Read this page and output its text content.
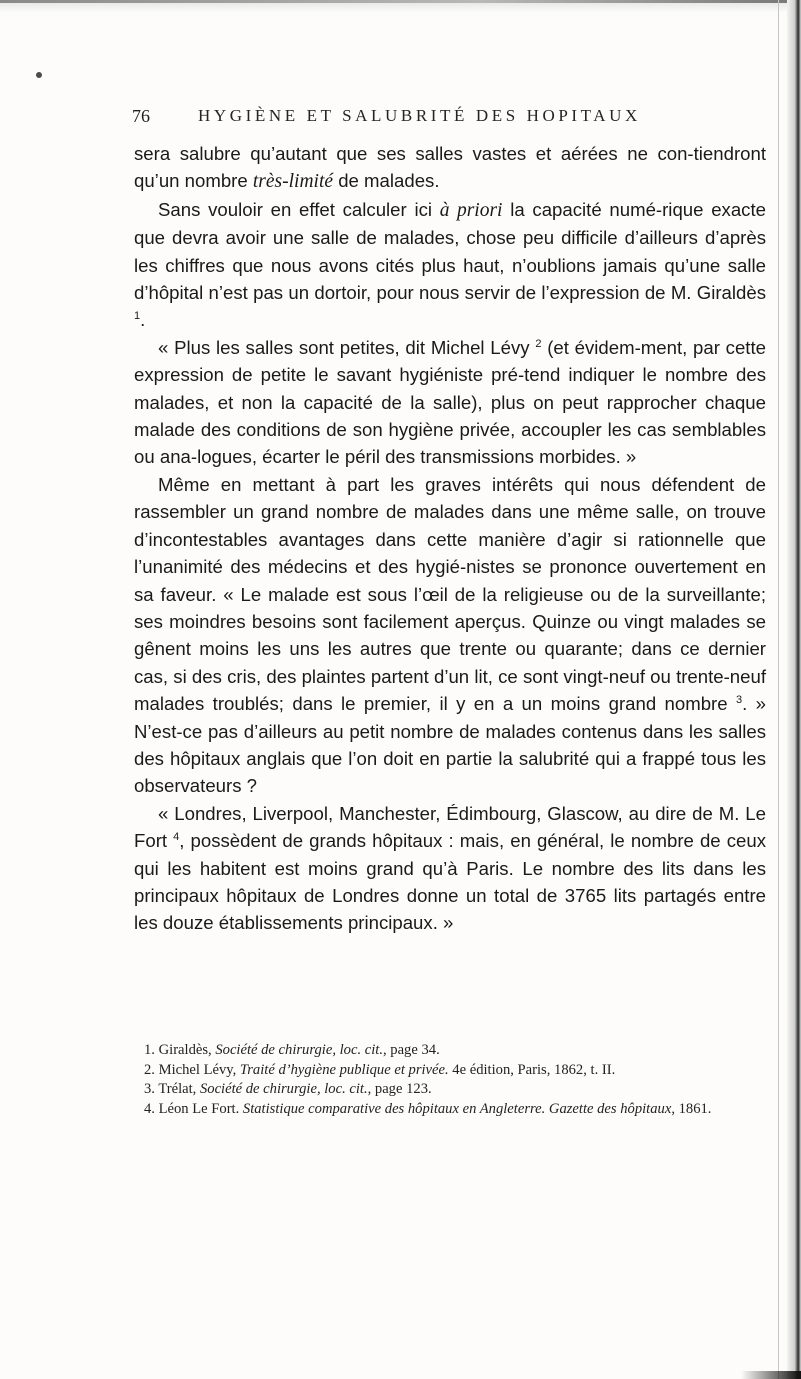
76	HYGIÈNE ET SALUBRITÉ DES HOPITAUX

sera salubre qu’autant que ses salles vastes et aérées ne con-tiendront qu’un nombre très-limité de malades.

Sans vouloir en effet calculer ici à priori la capacité numé-rique exacte que devra avoir une salle de malades, chose peu difficile d’ailleurs d’après les chiffres que nous avons cités plus haut, n’oublions jamais qu’une salle d’hôpital n’est pas un dortoir, pour nous servir de l’expression de M. Giraldès $^1$.

« Plus les salles sont petites, dit Michel Lévy $^2$ (et évidem-ment, par cette expression de petite le savant hygiéniste pré-tend indiquer le nombre des malades, et non la capacité de la salle), plus on peut rapprocher chaque malade des conditions de son hygiène privée, accoupler les cas semblables ou ana-logues, écarter le péril des transmissions morbides. »

Même en mettant à part les graves intérêts qui nous défendent de rassembler un grand nombre de malades dans une même salle, on trouve d’incontestables avantages dans cette manière d’agir si rationnelle que l’unanimité des médecins et des hygié-nistes se prononce ouvertement en sa faveur. « Le malade est sous l’œil de la religieuse ou de la surveillante; ses moindres besoins sont facilement aperçus. Quinze ou vingt malades se gênent moins les uns les autres que trente ou quarante; dans ce dernier cas, si des cris, des plaintes partent d’un lit, ce sont vingt-neuf ou trente-neuf malades troublés; dans le premier, il y en a un moins grand nombre $^3$. » N’est-ce pas d’ailleurs au petit nombre de malades contenus dans les salles des hôpitaux anglais que l’on doit en partie la salubrité qui a frappé tous les observateurs ?

« Londres, Liverpool, Manchester, Édimbourg, Glascow, au dire de M. Le Fort $^4$, possèdent de grands hôpitaux : mais, en général, le nombre de ceux qui les habitent est moins grand qu’à Paris. Le nombre des lits dans les principaux hôpitaux de Londres donne un total de 3765 lits partagés entre les douze établissements principaux. »

1. Giraldès, Société de chirurgie, loc. cit., page 34.

2. Michel Lévy, Traité d’hygiène publique et privée. 4e édition, Paris, 1862, t. II.

3. Trélat, Société de chirurgie, loc. cit., page 123.

4. Léon Le Fort. Statistique comparative des hôpitaux en Angleterre. Gazette des hôpitaux, 1861.
